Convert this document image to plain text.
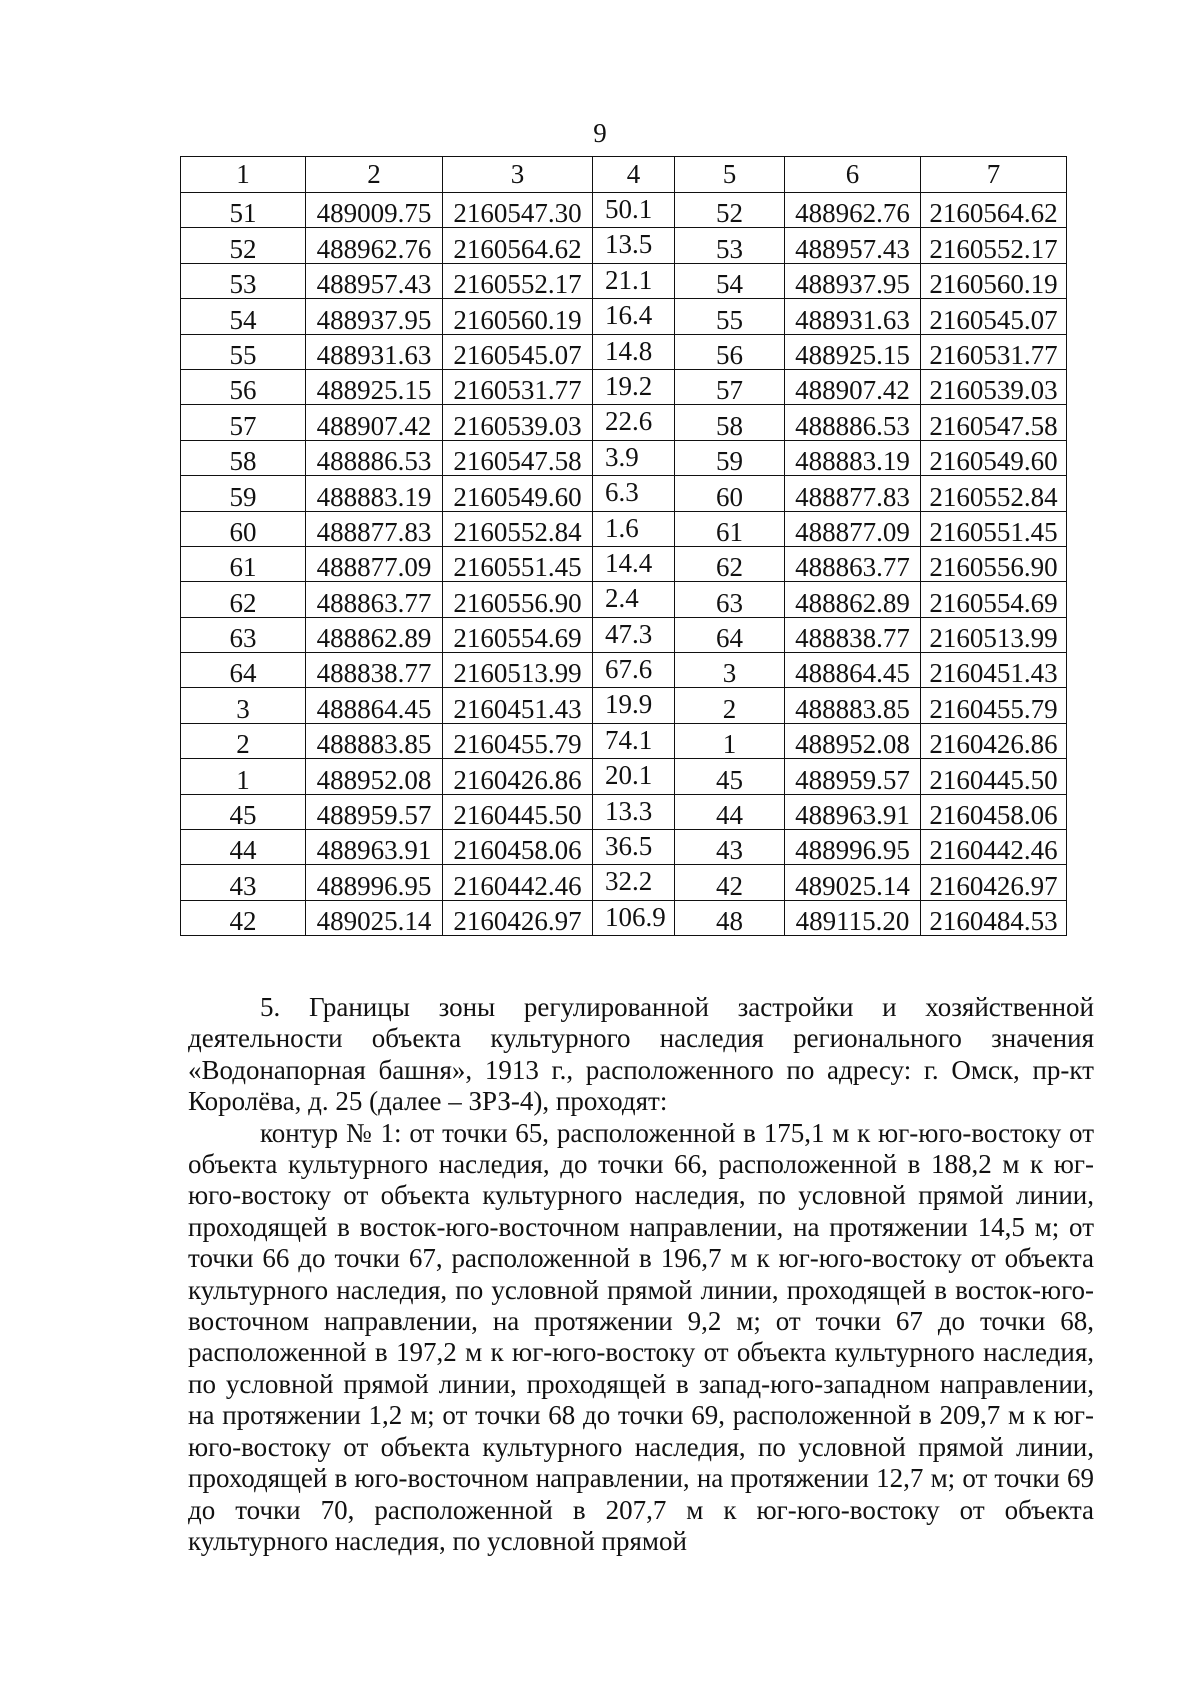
9
1	2	3	4	5	6	7
51	489009.75	2160547.30	50.1	52	488962.76	2160564.62
52	488962.76	2160564.62	13.5	53	488957.43	2160552.17
53	488957.43	2160552.17	21.1	54	488937.95	2160560.19
54	488937.95	2160560.19	16.4	55	488931.63	2160545.07
55	488931.63	2160545.07	14.8	56	488925.15	2160531.77
56	488925.15	2160531.77	19.2	57	488907.42	2160539.03
57	488907.42	2160539.03	22.6	58	488886.53	2160547.58
58	488886.53	2160547.58	3.9	59	488883.19	2160549.60
59	488883.19	2160549.60	6.3	60	488877.83	2160552.84
60	488877.83	2160552.84	1.6	61	488877.09	2160551.45
61	488877.09	2160551.45	14.4	62	488863.77	2160556.90
62	488863.77	2160556.90	2.4	63	488862.89	2160554.69
63	488862.89	2160554.69	47.3	64	488838.77	2160513.99
64	488838.77	2160513.99	67.6	3	488864.45	2160451.43
3	488864.45	2160451.43	19.9	2	488883.85	2160455.79
2	488883.85	2160455.79	74.1	1	488952.08	2160426.86
1	488952.08	2160426.86	20.1	45	488959.57	2160445.50
45	488959.57	2160445.50	13.3	44	488963.91	2160458.06
44	488963.91	2160458.06	36.5	43	488996.95	2160442.46
43	488996.95	2160442.46	32.2	42	489025.14	2160426.97
42	489025.14	2160426.97	106.9	48	489115.20	2160484.53

5. Границы зоны регулированной застройки и хозяйственной деятельности объекта культурного наследия регионального значения «Водонапорная башня», 1913 г., расположенного по адресу: г. Омск, пр-кт Королёва, д. 25 (далее – ЗРЗ-4), проходят:

контур № 1: от точки 65, расположенной в 175,1 м к юг-юго-востоку от объекта культурного наследия, до точки 66, расположенной в 188,2 м к юг-юго-востоку от объекта культурного наследия, по условной прямой линии, проходящей в восток-юго-восточном направлении, на протяжении 14,5 м; от точки 66 до точки 67, расположенной в 196,7 м к юг-юго-востоку от объекта культурного наследия, по условной прямой линии, проходящей в восток-юго-восточном направлении, на протяжении 9,2 м; от точки 67 до точки 68, расположенной в 197,2 м к юг-юго-востоку от объекта культурного наследия, по условной прямой линии, проходящей в запад-юго-западном направлении, на протяжении 1,2 м; от точки 68 до точки 69, расположенной в 209,7 м к юг-юго-востоку от объекта культурного наследия, по условной прямой линии, проходящей в юго-восточном направлении, на протяжении 12,7 м; от точки 69 до точки 70, расположенной в 207,7 м к юг-юго-востоку от объекта культурного наследия, по условной прямой
